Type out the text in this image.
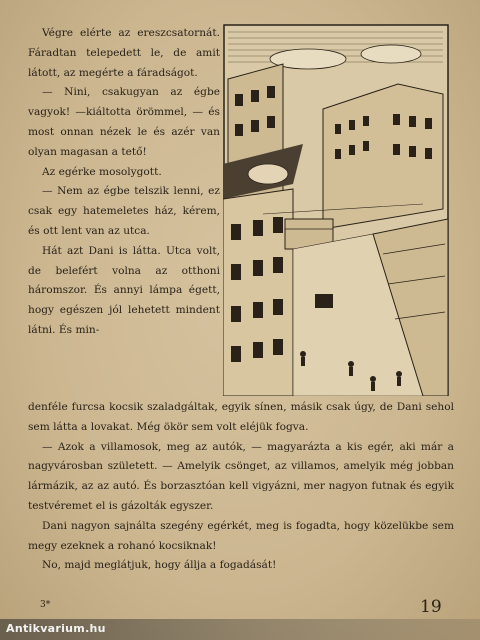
Végre elérte az ereszcsatornát. Fáradtan telepedett le, de amit látott, az megérte a fáradságot.

— Nini, csakugyan az égbe vagyok! —kiáltotta örömmel, — és most onnan nézek le és azér van olyan magasan a tető!

Az egérke mosolygott.

— Nem az égbe telszik lenni, ez csak egy hatemeletes ház, kérem, és ott lent van az utca.

Hát azt Dani is látta. Utca volt, de belefért volna az otthoni háromszor. És annyi lámpa égett, hogy egészen jól lehetett mindent látni. És min-

denféle furcsa kocsik szaladgáltak, egyik sínen, másik csak úgy, de Dani sehol sem látta a lovakat. Még ökör sem volt eléjük fogva.

— Azok a villamosok, meg az autók, — magyarázta a kis egér, aki már a nagyvárosban született. — Amelyik csönget, az villamos, amelyik még jobban lármázik, az az autó. És borzasztóan kell vigyázni, mer nagyon futnak és egyik testvéremet el is gázolták egyszer.

Dani nagyon sajnálta szegény egérkét, meg is fogadta, hogy közelükbe sem megy ezeknek a rohanó kocsiknak!

No, majd meglátjuk, hogy állja a fogadását!

3*	19
Antikvarium.hu
